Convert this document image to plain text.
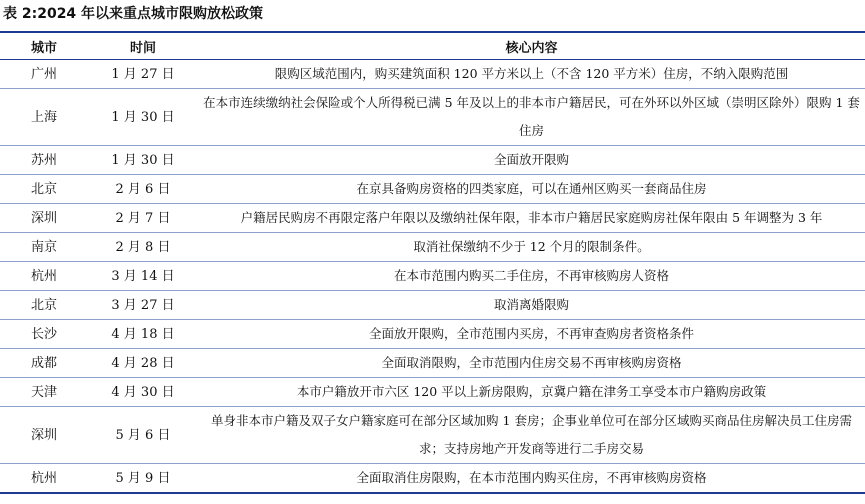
表 2:2024 年以来重点城市限购放松政策
城市	时间	核心内容
广州	1 月 27 日	限购区域范围内，购买建筑面积 120 平方米以上（不含 120 平方米）住房，不纳入限购范围
上海	1 月 30 日	在本市连续缴纳社会保险或个人所得税已满 5 年及以上的非本市户籍居民，可在外环以外区域（崇明区除外）限购 1 套住房
苏州	1 月 30 日	全面放开限购
北京	2 月 6 日	在京具备购房资格的四类家庭，可以在通州区购买一套商品住房
深圳	2 月 7 日	户籍居民购房不再限定落户年限以及缴纳社保年限，非本市户籍居民家庭购房社保年限由 5 年调整为 3 年
南京	2 月 8 日	取消社保缴纳不少于 12 个月的限制条件。
杭州	3 月 14 日	在本市范围内购买二手住房，不再审核购房人资格
北京	3 月 27 日	取消离婚限购
长沙	4 月 18 日	全面放开限购，全市范围内买房，不再审查购房者资格条件
成都	4 月 28 日	全面取消限购，全市范围内住房交易不再审核购房资格
天津	4 月 30 日	本市户籍放开市六区 120 平以上新房限购，京冀户籍在津务工享受本市户籍购房政策
深圳	5 月 6 日	单身非本市户籍及双子女户籍家庭可在部分区域加购 1 套房；企事业单位可在部分区域购买商品住房解决员工住房需求；支持房地产开发商等进行二手房交易
杭州	5 月 9 日	全面取消住房限购，在本市范围内购买住房，不再审核购房资格
